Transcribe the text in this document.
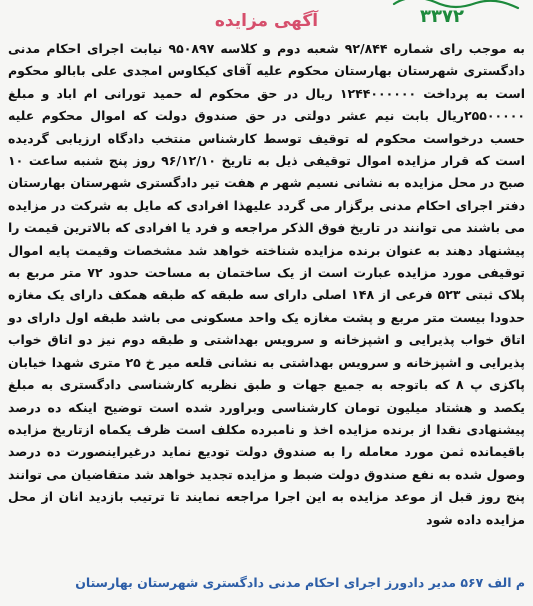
۳۳۷۲
آگهی مزایده

به موجب رای شماره ۹۲/۸۴۴ شعبه دوم و کلاسه ۹۵۰۸۹۷ نیابت اجرای احکام مدنی دادگستری شهرستان بهارستان محکوم علیه آقای کیکاوس امجدی علی بابالو محکوم است به پرداخت ۱۲۴۴۰۰۰۰۰۰ ریال در حق محکوم له حمید تورانی ام اباد و مبلغ ۲۵۵۰۰۰۰۰ریال بابت نیم عشر دولتی در حق صندوق دولت که اموال محکوم علیه حسب درخواست محکوم له توقیف توسط کارشناس منتخب دادگاه ارزیابی گردیده است که قرار مزایده اموال توقیفی ذیل به تاریخ ۹۶/۱۲/۱۰ روز پنج شنبه ساعت ۱۰ صبح در محل مزایده به نشانی نسیم شهر م هفت تیر دادگستری شهرستان بهارستان دفتر اجرای احکام مدنی برگزار می گردد علیهذا افرادی که مایل به شرکت در مزایده می باشند می توانند در تاریخ فوق الذکر مراجعه و فرد یا افرادی که بالاترین قیمت را پیشنهاد دهند به عنوان برنده مزایده شناخته خواهد شد مشخصات وقیمت پایه اموال توقیفی مورد مزایده عبارت است از یک ساختمان به مساحت حدود ۷۲ متر مربع به پلاک ثبتی ۵۲۳ فرعی از ۱۴۸ اصلی دارای سه طبقه که طبقه همکف دارای یک مغازه حدودا بیست متر مربع و پشت مغازه یک واحد مسکونی می باشد طبقه اول دارای دو اتاق خواب پذیرایی و اشپزخانه و سرویس بهداشتی و طبقه دوم نیز دو اتاق خواب پذیرایی و اشپزخانه و سرویس بهداشتی به نشانی قلعه میر خ ۲۵ متری شهدا خیابان پاکزی پ ۸ که باتوجه به جمیع جهات و طبق نظریه کارشناسی دادگستری به مبلغ یکصد و هشتاد میلیون تومان کارشناسی وبراورد شده است توضیح اینکه ده درصد پیشنهادی نقدا از برنده مزایده اخذ و نامبرده مکلف است ظرف یکماه ازتاریخ مزایده باقیمانده ثمن مورد معامله را به صندوق دولت تودیع نماید درغیراینصورت ده درصد وصول شده به نفع صندوق دولت ضبط و مزایده تجدید خواهد شد متقاضیان می توانند پنج روز قبل از موعد مزایده به این اجرا مراجعه نمایند تا ترتیب بازدید انان از محل مزایده داده شود

م الف ۵۶۷ مدیر دادورز اجرای احکام مدنی دادگستری شهرستان بهارستان
